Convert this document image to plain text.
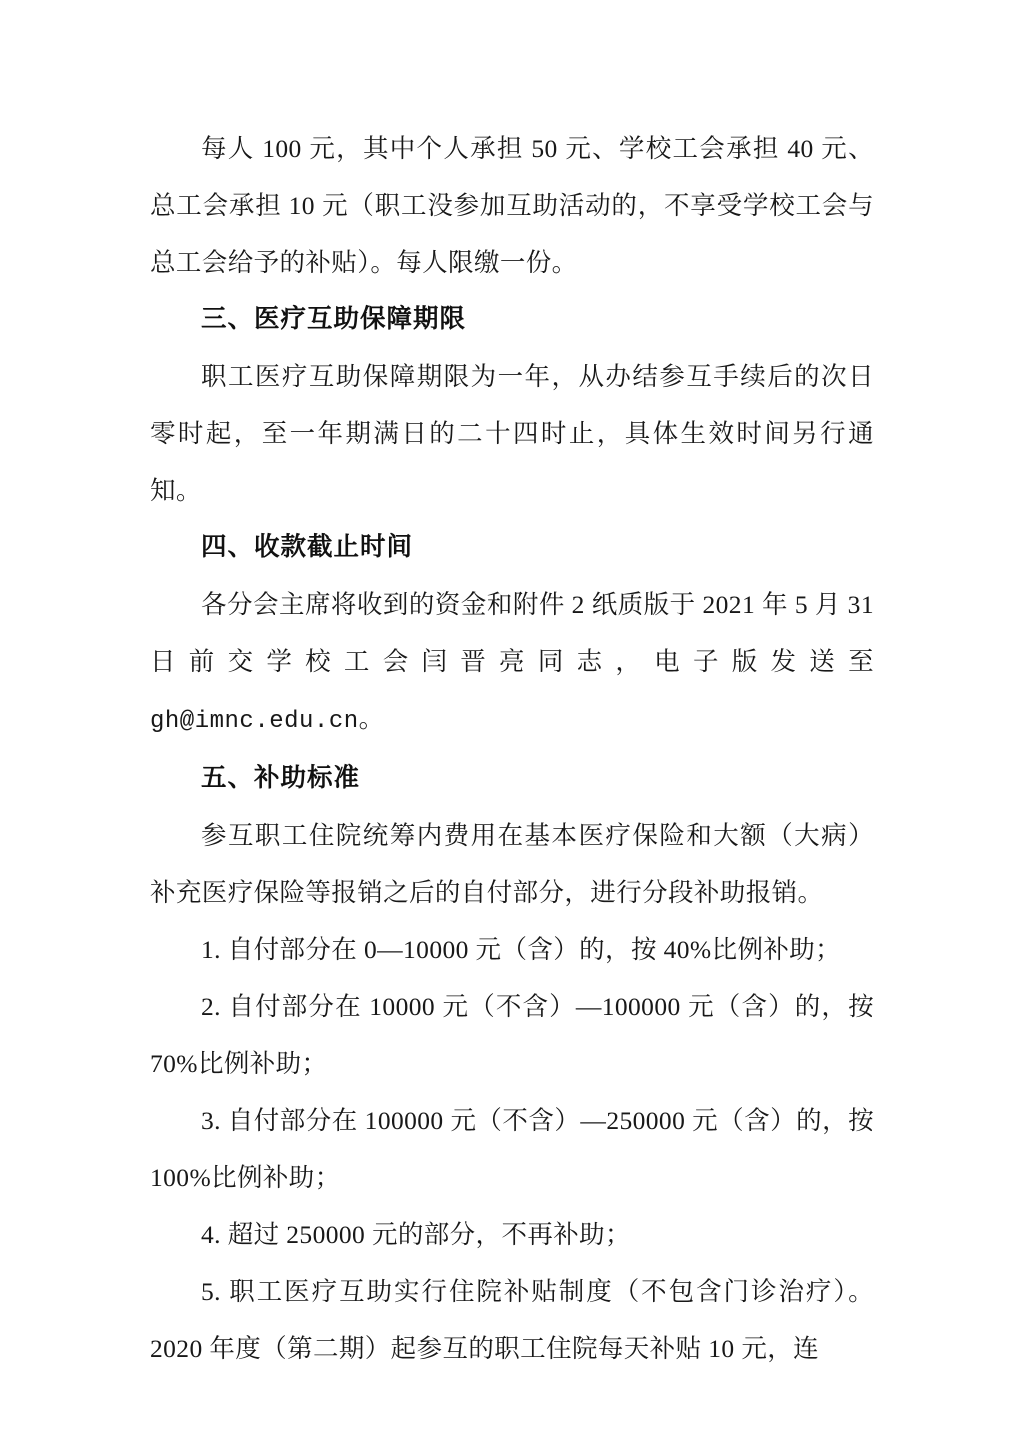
每人 100 元，其中个人承担 50 元、学校工会承担 40 元、总工会承担 10 元（职工没参加互助活动的，不享受学校工会与总工会给予的补贴）。每人限缴一份。

三、医疗互助保障期限

职工医疗互助保障期限为一年，从办结参互手续后的次日零时起，至一年期满日的二十四时止，具体生效时间另行通知。

四、收款截止时间

各分会主席将收到的资金和附件 2 纸质版于 2021 年 5 月 31 日前交学校工会闫晋亮同志，电子版发送至 gh@imnc.edu.cn。

五、补助标准

参互职工住院统筹内费用在基本医疗保险和大额（大病）补充医疗保险等报销之后的自付部分，进行分段补助报销。

1. 自付部分在 0—10000 元（含）的，按 40%比例补助；

2. 自付部分在 10000 元（不含）—100000 元（含）的，按 70%比例补助；

3. 自付部分在 100000 元（不含）—250000 元（含）的，按 100%比例补助；

4. 超过 250000 元的部分，不再补助；

5. 职工医疗互助实行住院补贴制度（不包含门诊治疗）。2020 年度（第二期）起参互的职工住院每天补贴 10 元，连
